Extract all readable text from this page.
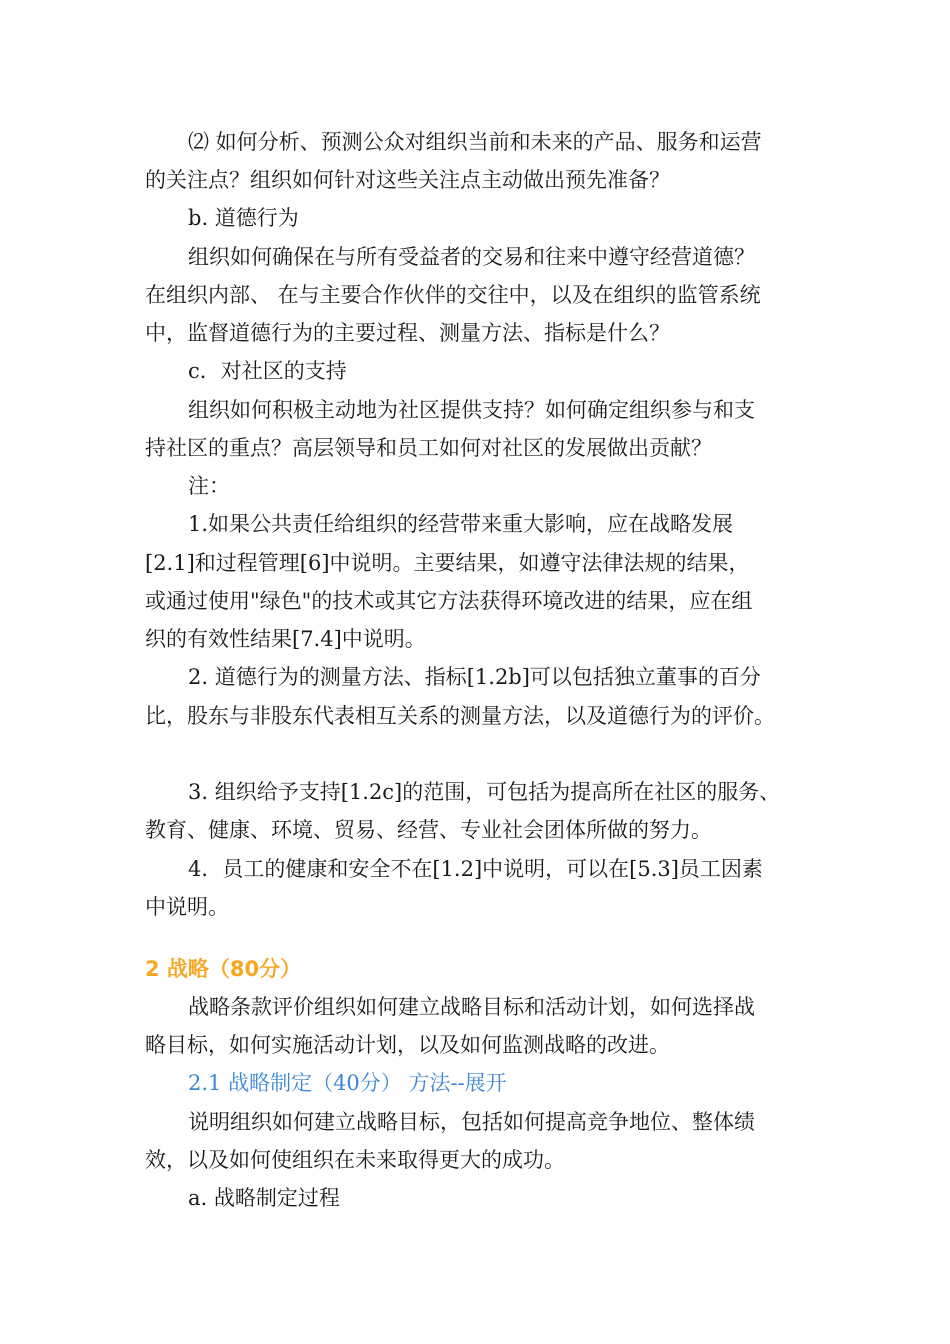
⑵ 如何分析、预测公众对组织当前和未来的产品、服务和运营
的关注点？组织如何针对这些关注点主动做出预先准备？
b. 道德行为
组织如何确保在与所有受益者的交易和往来中遵守经营道德？
在组织内部、 在与主要合作伙伴的交往中，以及在组织的监管系统
中，监督道德行为的主要过程、测量方法、指标是什么？
c．对社区的支持
组织如何积极主动地为社区提供支持？如何确定组织参与和支
持社区的重点？高层领导和员工如何对社区的发展做出贡献？
注：
1.如果公共责任给组织的经营带来重大影响，应在战略发展
[2.1]和过程管理[6]中说明。主要结果，如遵守法律法规的结果，
或通过使用"绿色"的技术或其它方法获得环境改进的结果，应在组
织的有效性结果[7.4]中说明。
2. 道德行为的测量方法、指标[1.2b]可以包括独立董事的百分
比，股东与非股东代表相互关系的测量方法，以及道德行为的评价。
3. 组织给予支持[1.2c]的范围，可包括为提高所在社区的服务、
教育、健康、环境、贸易、经营、专业社会团体所做的努力。
4．员工的健康和安全不在[1.2]中说明，可以在[5.3]员工因素
中说明。
2 战略（80分）
战略条款评价组织如何建立战略目标和活动计划，如何选择战
略目标，如何实施活动计划，以及如何监测战略的改进。
2.1 战略制定（40分） 方法--展开
说明组织如何建立战略目标，包括如何提高竞争地位、整体绩
效，以及如何使组织在未来取得更大的成功。
a. 战略制定过程
